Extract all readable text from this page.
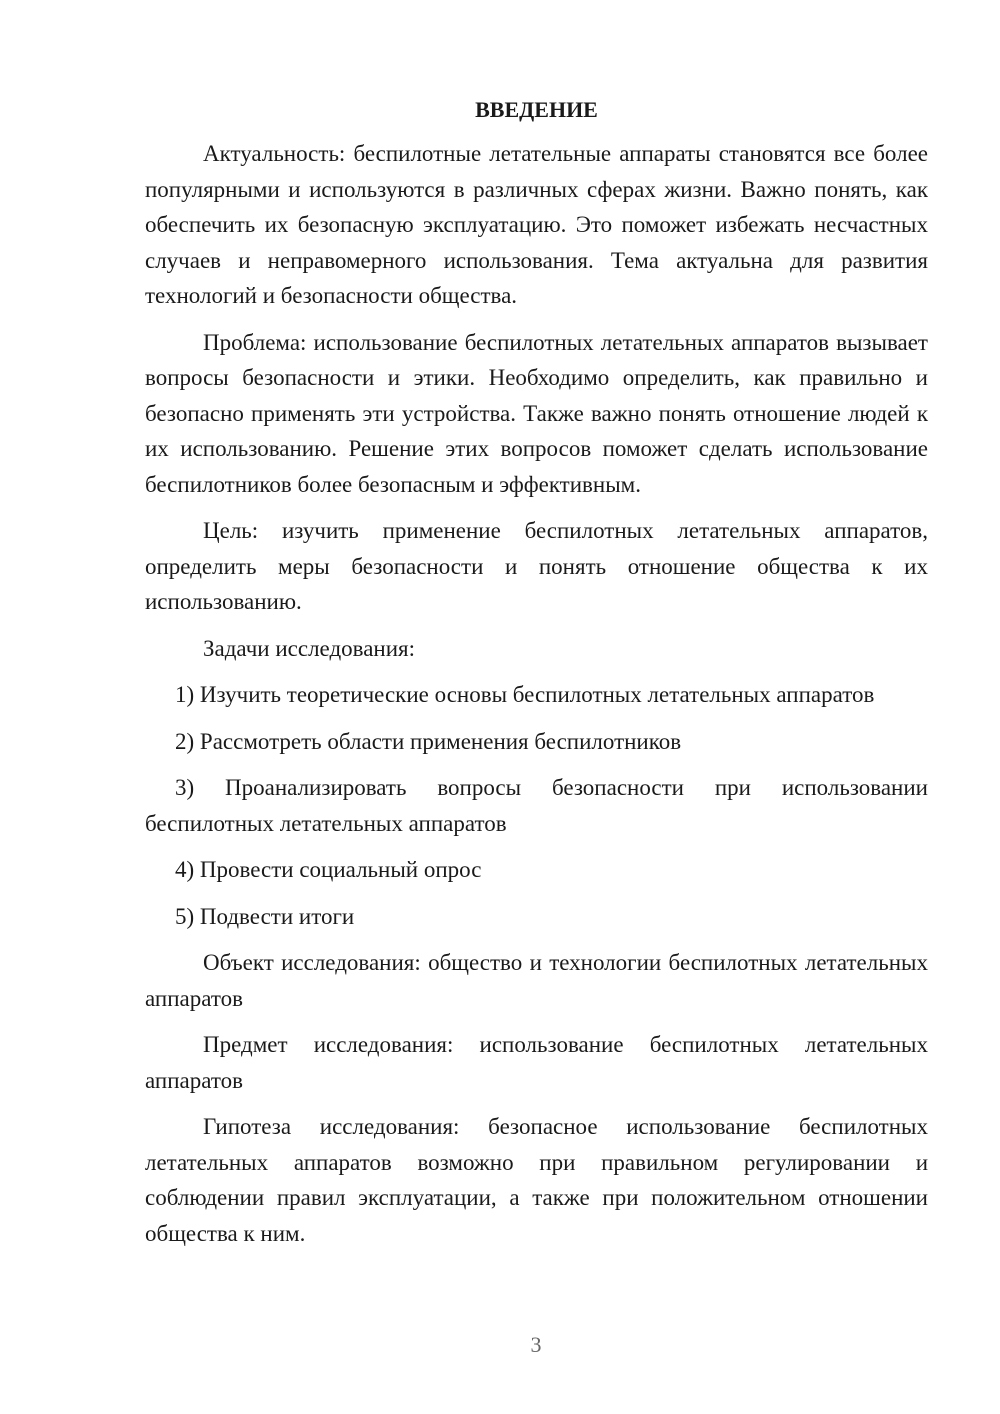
ВВЕДЕНИЕ

Актуальность: беспилотные летательные аппараты становятся все более популярными и используются в различных сферах жизни. Важно понять, как обеспечить их безопасную эксплуатацию. Это поможет избежать несчастных случаев и неправомерного использования. Тема актуальна для развития технологий и безопасности общества.

Проблема: использование беспилотных летательных аппаратов вызывает вопросы безопасности и этики. Необходимо определить, как правильно и безопасно применять эти устройства. Также важно понять отношение людей к их использованию. Решение этих вопросов поможет сделать использование беспилотников более безопасным и эффективным.

Цель: изучить применение беспилотных летательных аппаратов, определить меры безопасности и понять отношение общества к их использованию.

Задачи исследования:

1) Изучить теоретические основы беспилотных летательных аппаратов

2) Рассмотреть области применения беспилотников

3) Проанализировать вопросы безопасности при использовании беспилотных летательных аппаратов

4) Провести социальный опрос

5) Подвести итоги

Объект исследования: общество и технологии беспилотных летательных аппаратов

Предмет исследования: использование беспилотных летательных аппаратов

Гипотеза исследования: безопасное использование беспилотных летательных аппаратов возможно при правильном регулировании и соблюдении правил эксплуатации, а также при положительном отношении общества к ним.

3
